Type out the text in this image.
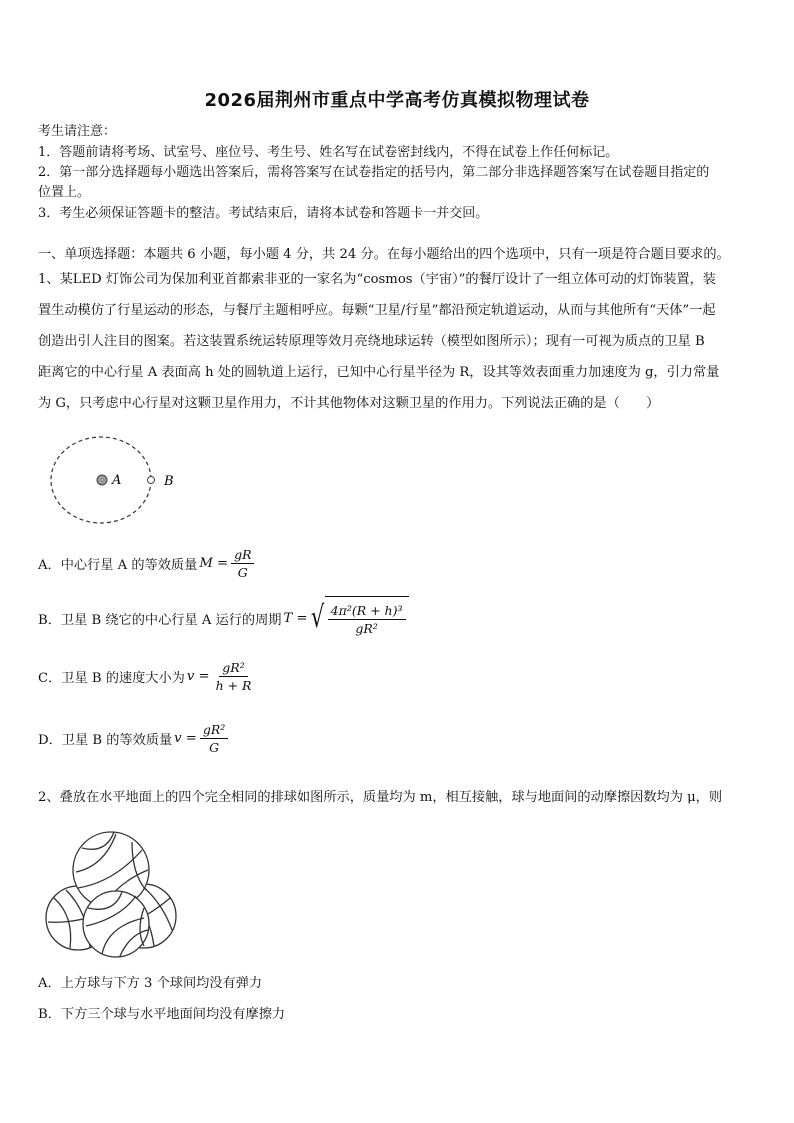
2026届荆州市重点中学高考仿真模拟物理试卷
考生请注意：
1．答题前请将考场、试室号、座位号、考生号、姓名写在试卷密封线内，不得在试卷上作任何标记。
2．第一部分选择题每小题选出答案后，需将答案写在试卷指定的括号内，第二部分非选择题答案写在试卷题目指定的
位置上。
3．考生必须保证答题卡的整洁。考试结束后，请将本试卷和答题卡一并交回。
一、单项选择题：本题共 6 小题，每小题 4 分，共 24 分。在每小题给出的四个选项中，只有一项是符合题目要求的。
1、某LED 灯饰公司为保加利亚首都索非亚的一家名为“cosmos（宇宙）”的餐厅设计了一组立体可动的灯饰装置，装
置生动模仿了行星运动的形态，与餐厅主题相呼应。每颗“卫星/行星”都沿预定轨道运动，从而与其他所有“天体”一起
创造出引人注目的图案。若这装置系统运转原理等效月亮绕地球运转（模型如图所示）；现有一可视为质点的卫星 B
距离它的中心行星 A 表面高 h 处的圆轨道上运行，已知中心行星半径为 R，设其等效表面重力加速度为 g，引力常量
为 G，只考虑中心行星对这颗卫星作用力，不计其他物体对这颗卫星的作用力。下列说法正确的是（　　）
A	B
A．中心行星 A 的等效质量 $M = \frac{gR}{G}$
B．卫星 B 绕它的中心行星 A 运行的周期 T = √ $\frac{\text{4π²(R + h)³}}{\text{gR²}}$
C．卫星 B 的速度大小为 $v = \frac{\text{gR²}}{h + R}$
D．卫星 B 的等效质量 $v = \frac{\text{gR²}}{G}$
2、叠放在水平地面上的四个完全相同的排球如图所示，质量均为 m，相互接触，球与地面间的动摩擦因数均为 μ，则
A．上方球与下方 3 个球间均没有弹力
B．下方三个球与水平地面间均没有摩擦力
